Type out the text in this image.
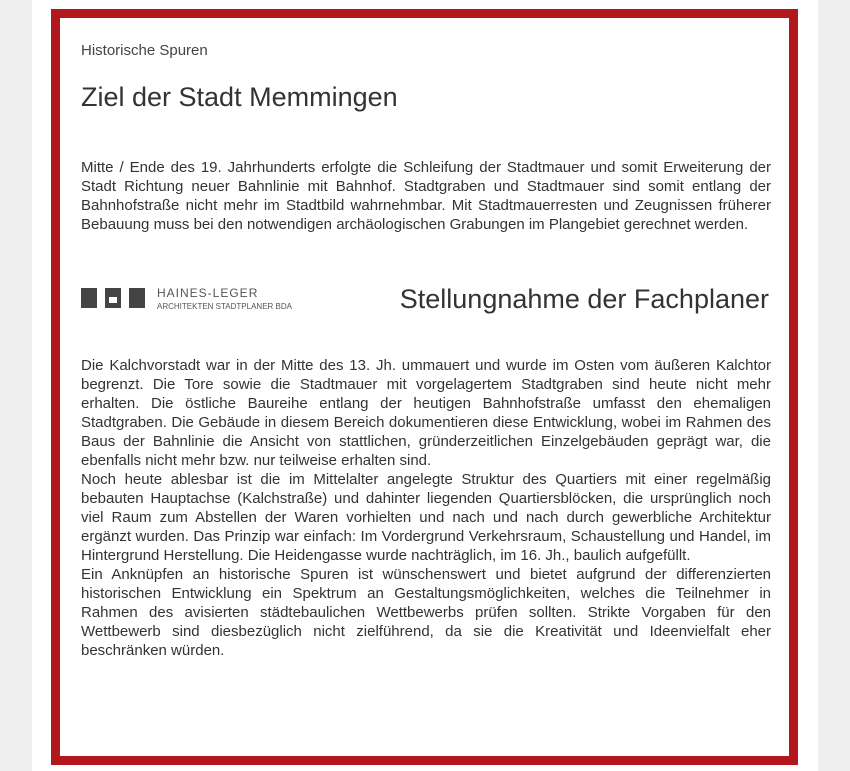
Historische Spuren
Ziel der Stadt Memmingen

Mitte / Ende des 19. Jahrhunderts erfolgte die Schleifung der Stadtmauer und somit Erweiterung der Stadt Richtung neuer Bahnlinie mit Bahnhof. Stadtgraben und Stadtmauer sind somit entlang der Bahnhofstraße nicht mehr im Stadtbild wahrnehmbar. Mit Stadtmauerresten und Zeugnissen früherer Bebauung muss bei den notwendigen archäologischen Grabungen im Plangebiet gerechnet werden.

HAINES-LEGER
ARCHITEKTEN STADTPLANER BDA	Stellungnahme der Fachplaner

Die Kalchvorstadt war in der Mitte des 13. Jh. ummauert und wurde im Osten vom äußeren Kalchtor begrenzt. Die Tore sowie die Stadtmauer mit vorgelagertem Stadtgraben sind heute nicht mehr erhalten. Die östliche Baureihe entlang der heutigen Bahnhofstraße umfasst den ehemaligen Stadtgraben. Die Gebäude in diesem Bereich dokumentieren diese Entwicklung, wobei im Rahmen des Baus der Bahnlinie die Ansicht von stattlichen, gründerzeitlichen Einzelgebäuden geprägt war, die ebenfalls nicht mehr bzw. nur teilweise erhalten sind.

Noch heute ablesbar ist die im Mittelalter angelegte Struktur des Quartiers mit einer regelmäßig bebauten Hauptachse (Kalchstraße) und dahinter liegenden Quartiersblöcken, die ursprünglich noch viel Raum zum Abstellen der Waren vorhielten und nach und nach durch gewerbliche Architektur ergänzt wurden. Das Prinzip war einfach: Im Vordergrund Verkehrsraum, Schaustellung und Handel, im Hintergrund Herstellung. Die Heidengasse wurde nachträglich, im 16. Jh., baulich aufgefüllt.

Ein Anknüpfen an historische Spuren ist wünschenswert und bietet aufgrund der differenzierten historischen Entwicklung ein Spektrum an Gestaltungsmöglichkeiten, welches die Teilnehmer in Rahmen des avisierten städtebaulichen Wettbewerbs prüfen sollten. Strikte Vorgaben für den Wettbewerb sind diesbezüglich nicht zielführend, da sie die Kreativität und Ideenvielfalt eher beschränken würden.
